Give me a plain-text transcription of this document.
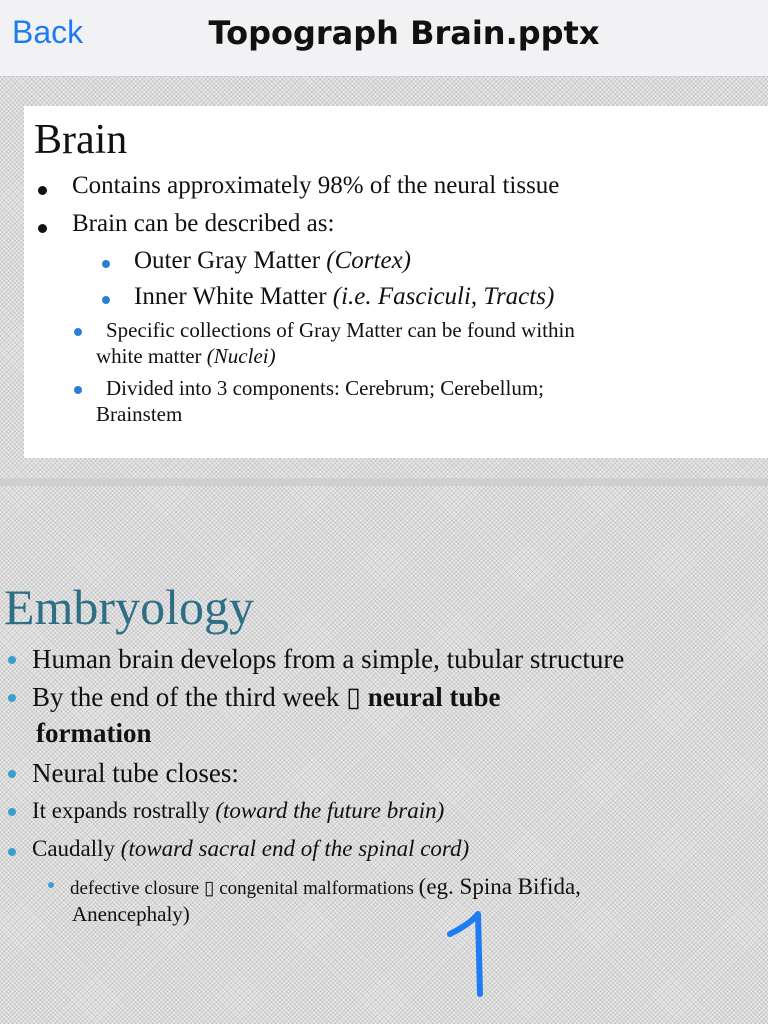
Back	Topograph Brain.pptx
Brain
Contains approximately 98% of the neural tissue
Brain can be described as:
Outer Gray Matter (Cortex)
Inner White Matter (i.e. Fasciculi, Tracts)
Specific collections of Gray Matter can be found within
white matter (Nuclei)
Divided into 3 components: Cerebrum; Cerebellum;
Brainstem
Embryology
Human brain develops from a simple, tubular structure
By the end of the third week ▯ neural tube
formation
Neural tube closes:
It expands rostrally (toward the future brain)
Caudally (toward sacral end of the spinal cord)
defective closure ▯ congenital malformations (eg. Spina Bifida,
Anencephaly)
